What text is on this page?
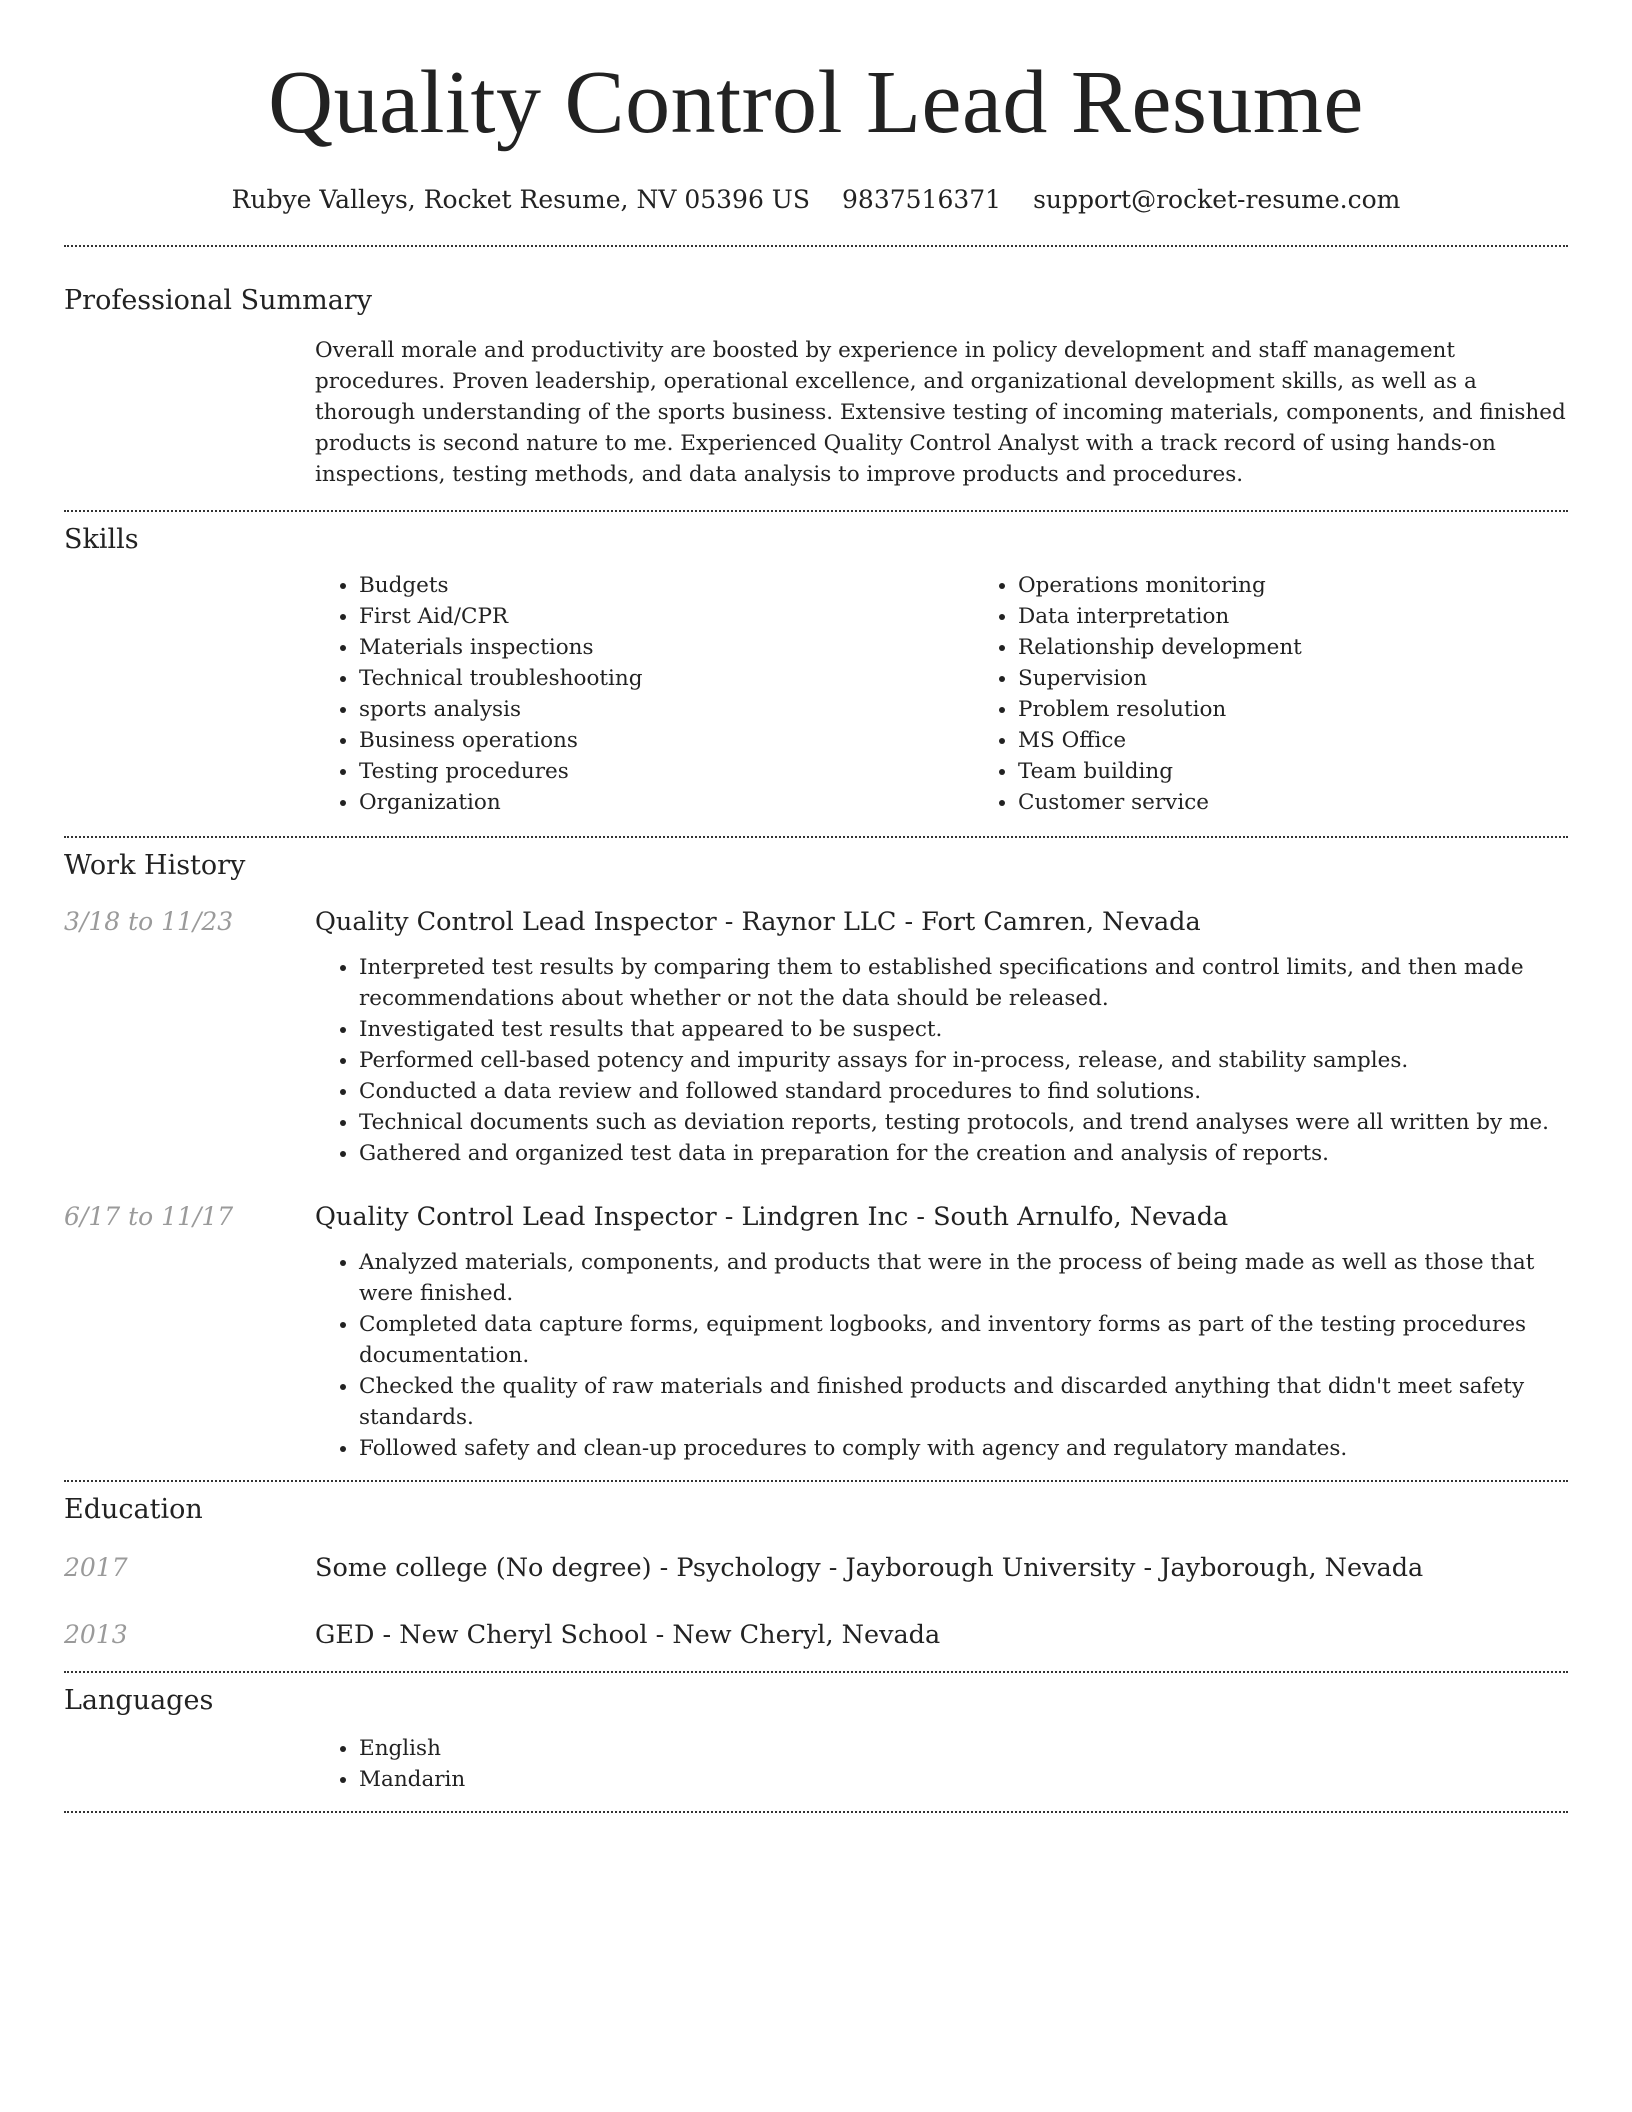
Quality Control Lead Resume
Rubye Valleys, Rocket Resume, NV 05396 US 9837516371 support@rocket-resume.com
Professional Summary

Overall morale and productivity are boosted by experience in policy development and staff management procedures. Proven leadership, operational excellence, and organizational development skills, as well as a thorough understanding of the sports business. Extensive testing of incoming materials, components, and finished products is second nature to me. Experienced Quality Control Analyst with a track record of using hands-on inspections, testing methods, and data analysis to improve products and procedures.

Skills
• Budgets
• First Aid/CPR
• Materials inspections
• Technical troubleshooting
• sports analysis
• Business operations
• Testing procedures
• Organization
• Operations monitoring
• Data interpretation
• Relationship development
• Supervision
• Problem resolution
• MS Office
• Team building
• Customer service
Work History
3/18 to 11/23	Quality Control Lead Inspector - Raynor LLC - Fort Camren, Nevada
• Interpreted test results by comparing them to established specifications and control limits, and then made recommendations about whether or not the data should be released.
• Investigated test results that appeared to be suspect.
• Performed cell-based potency and impurity assays for in-process, release, and stability samples.
• Conducted a data review and followed standard procedures to find solutions.
• Technical documents such as deviation reports, testing protocols, and trend analyses were all written by me.
• Gathered and organized test data in preparation for the creation and analysis of reports.
6/17 to 11/17	Quality Control Lead Inspector - Lindgren Inc - South Arnulfo, Nevada
• Analyzed materials, components, and products that were in the process of being made as well as those that were finished.
• Completed data capture forms, equipment logbooks, and inventory forms as part of the testing procedures documentation.
• Checked the quality of raw materials and finished products and discarded anything that didn't meet safety standards.
• Followed safety and clean-up procedures to comply with agency and regulatory mandates.
Education
2017	Some college (No degree) - Psychology - Jayborough University - Jayborough, Nevada
2013	GED - New Cheryl School - New Cheryl, Nevada
Languages
• English
• Mandarin
